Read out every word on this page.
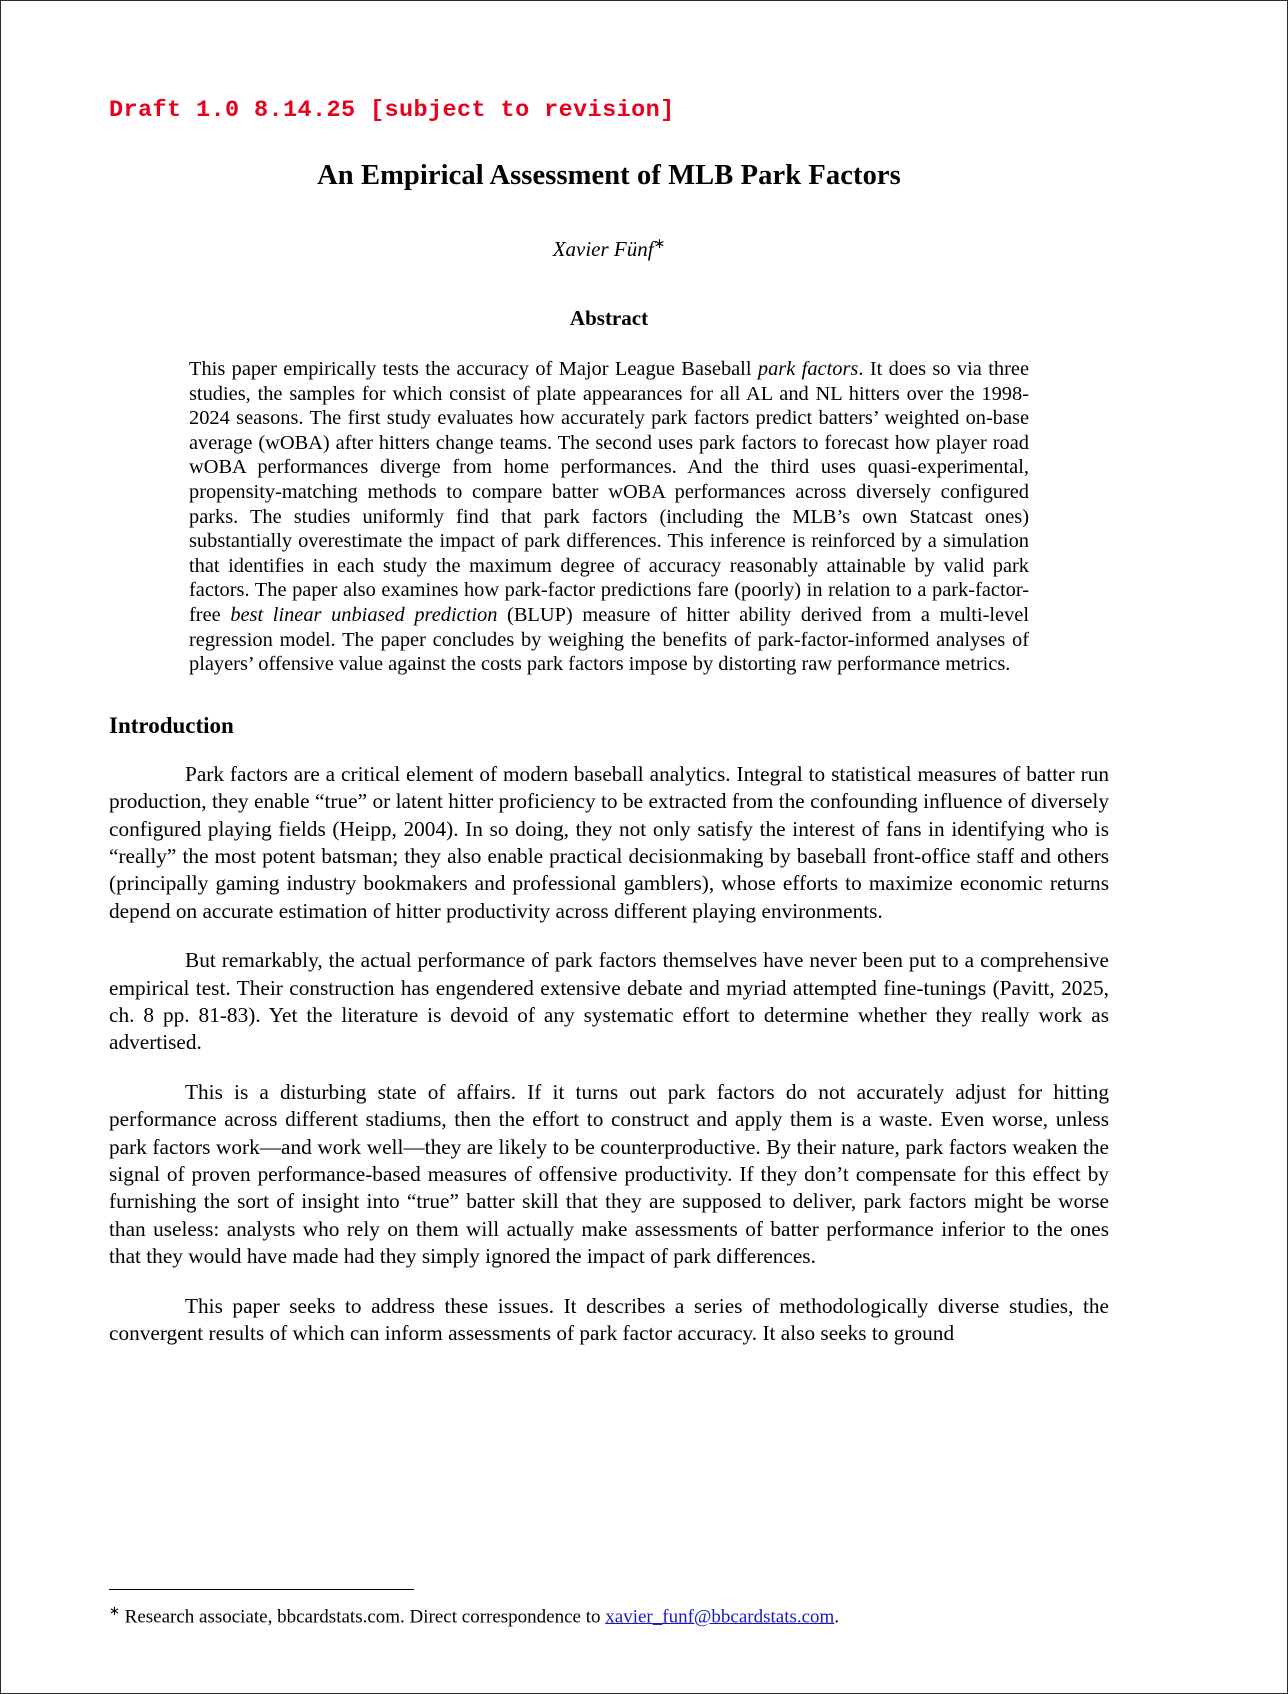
Draft 1.0 8.14.25 [subject to revision]
An Empirical Assessment of MLB Park Factors
Xavier Fünf∗
Abstract
This paper empirically tests the accuracy of Major League Baseball park factors. It does so via three studies, the samples for which consist of plate appearances for all AL and NL hitters over the 1998-2024 seasons. The first study evaluates how accurately park factors predict batters’ weighted on-base average (wOBA) after hitters change teams. The second uses park factors to forecast how player road wOBA performances diverge from home performances. And the third uses quasi-experimental, propensity-matching methods to compare batter wOBA performances across diversely configured parks. The studies uniformly find that park factors (including the MLB’s own Statcast ones) substantially overestimate the impact of park differences. This inference is reinforced by a simulation that identifies in each study the maximum degree of accuracy reasonably attainable by valid park factors. The paper also examines how park-factor predictions fare (poorly) in relation to a park-factor-free best linear unbiased prediction (BLUP) measure of hitter ability derived from a multi-level regression model. The paper concludes by weighing the benefits of park-factor-informed analyses of players’ offensive value against the costs park factors impose by distorting raw performance metrics.
Introduction

Park factors are a critical element of modern baseball analytics. Integral to statistical measures of batter run production, they enable “true” or latent hitter proficiency to be extracted from the confounding influence of diversely configured playing fields (Heipp, 2004). In so doing, they not only satisfy the interest of fans in identifying who is “really” the most potent batsman; they also enable practical decisionmaking by baseball front-office staff and others (principally gaming industry bookmakers and professional gamblers), whose efforts to maximize economic returns depend on accurate estimation of hitter productivity across different playing environments.

But remarkably, the actual performance of park factors themselves have never been put to a comprehensive empirical test. Their construction has engendered extensive debate and myriad attempted fine-tunings (Pavitt, 2025, ch. 8 pp. 81-83). Yet the literature is devoid of any systematic effort to determine whether they really work as advertised.

This is a disturbing state of affairs. If it turns out park factors do not accurately adjust for hitting performance across different stadiums, then the effort to construct and apply them is a waste. Even worse, unless park factors work—and work well—they are likely to be counterproductive. By their nature, park factors weaken the signal of proven performance-based measures of offensive productivity. If they don’t compensate for this effect by furnishing the sort of insight into “true” batter skill that they are supposed to deliver, park factors might be worse than useless: analysts who rely on them will actually make assessments of batter performance inferior to the ones that they would have made had they simply ignored the impact of park differences.

This paper seeks to address these issues. It describes a series of methodologically diverse studies, the convergent results of which can inform assessments of park factor accuracy. It also seeks to ground

∗ Research associate, bbcardstats.com. Direct correspondence to xavier_funf@bbcardstats.com.
